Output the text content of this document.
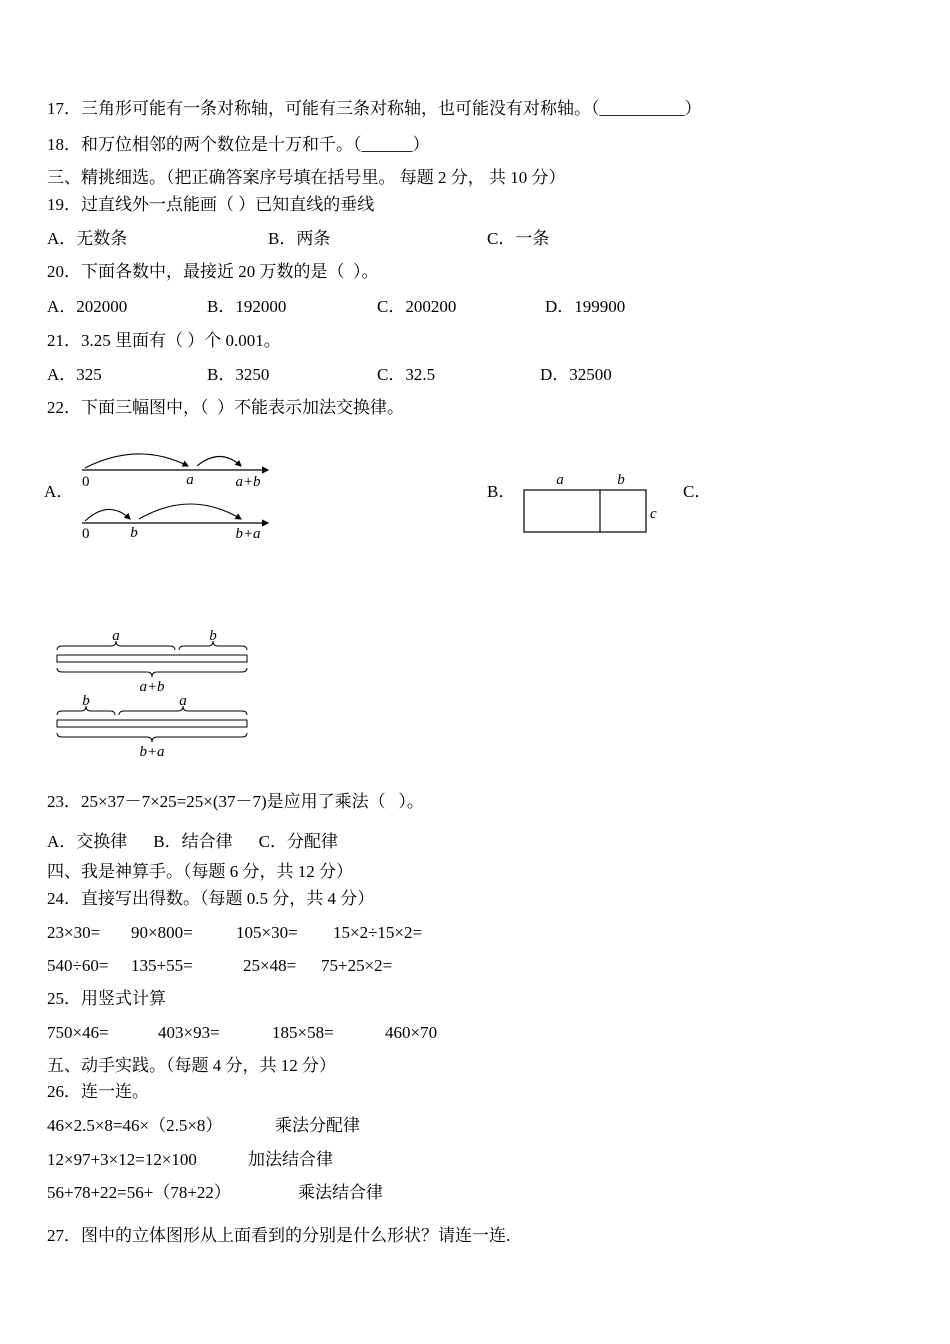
17．三角形可能有一条对称轴，可能有三条对称轴，也可能没有对称轴。（__________）
18．和万位相邻的两个数位是十万和千。（______）
三、精挑细选。（把正确答案序号填在括号里。 每题 2 分， 共 10 分）
19．过直线外一点能画（ ）已知直线的垂线
A．无数条	B．两条	C．一条
20．下面各数中，最接近 20 万数的是（  ）。
A．202000	B．192000	C．200200	D．199900
21．3.25 里面有（ ）个 0.001。
A．325	B．3250	C．32.5	D．32500
22．下面三幅图中，（  ）不能表示加法交换律。
A．	B．	C．
0	a	a+b
0	b	b+a
a	b
c
a	b
a+b
b	a
b+a
23．25×37－7×25=25×(37－7)是应用了乘法（   ）。
A．交换律 B．结合律 C．分配律
四、我是神算手。（每题 6 分，共 12 分）
24．直接写出得数。（每题 0.5 分，共 4 分）
23×30= 90×800=	105×30= 15×2÷15×2=
540÷60= 135+55=	25×48= 75+25×2=
25．用竖式计算
750×46=	403×93=	185×58=	460×70
五、动手实践。（每题 4 分，共 12 分）
26．连一连。
46×2.5×8=46×（2.5×8）	乘法分配律
12×97+3×12=12×100	加法结合律
56+78+22=56+（78+22）	乘法结合律
27．图中的立体图形从上面看到的分别是什么形状？请连一连.
